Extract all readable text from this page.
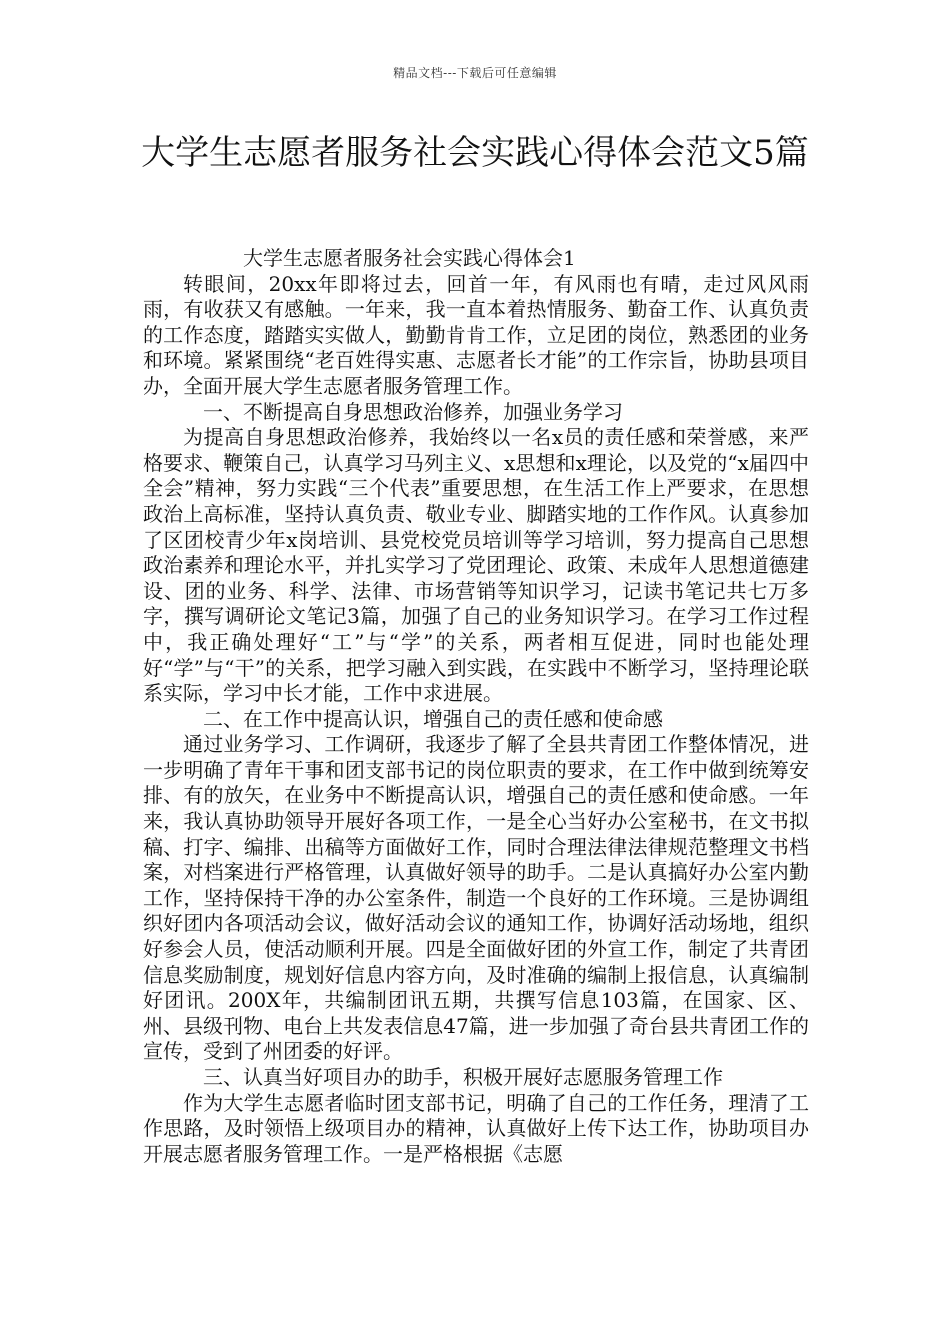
精品文档---下载后可任意编辑
大学生志愿者服务社会实践心得体会范文5篇

大学生志愿者服务社会实践心得体会1

转眼间，20xx年即将过去，回首一年，有风雨也有晴，走过风风雨雨，有收获又有感触。一年来，我一直本着热情服务、勤奋工作、认真负责的工作态度，踏踏实实做人，勤勤肯肯工作，立足团的岗位，熟悉团的业务和环境。紧紧围绕“老百姓得实惠、志愿者长才能”的工作宗旨，协助县项目办，全面开展大学生志愿者服务管理工作。

一、不断提高自身思想政治修养，加强业务学习

为提高自身思想政治修养，我始终以一名x员的责任感和荣誉感，来严格要求、鞭策自己，认真学习马列主义、x思想和x理论，以及党的“x届四中全会”精神，努力实践“三个代表”重要思想，在生活工作上严要求，在思想政治上高标准，坚持认真负责、敬业专业、脚踏实地的工作作风。认真参加了区团校青少年x岗培训、县党校党员培训等学习培训，努力提高自己思想政治素养和理论水平，并扎实学习了党团理论、政策、未成年人思想道德建设、团的业务、科学、法律、市场营销等知识学习，记读书笔记共七万多字，撰写调研论文笔记3篇，加强了自己的业务知识学习。在学习工作过程中，我正确处理好“工”与“学”的关系，两者相互促进，同时也能处理好“学”与“干”的关系，把学习融入到实践，在实践中不断学习，坚持理论联系实际，学习中长才能，工作中求进展。

二、在工作中提高认识，增强自己的责任感和使命感

通过业务学习、工作调研，我逐步了解了全县共青团工作整体情况，进一步明确了青年干事和团支部书记的岗位职责的要求，在工作中做到统筹安排、有的放矢，在业务中不断提高认识，增强自己的责任感和使命感。一年来，我认真协助领导开展好各项工作，一是全心当好办公室秘书，在文书拟稿、打字、编排、出稿等方面做好工作，同时合理法律法律规范整理文书档案，对档案进行严格管理，认真做好领导的助手。二是认真搞好办公室内勤工作，坚持保持干净的办公室条件，制造一个良好的工作环境。三是协调组织好团内各项活动会议，做好活动会议的通知工作，协调好活动场地，组织好参会人员，使活动顺利开展。四是全面做好团的外宣工作，制定了共青团信息奖励制度，规划好信息内容方向，及时准确的编制上报信息，认真编制好团讯。200X年，共编制团讯五期，共撰写信息103篇，在国家、区、州、县级刊物、电台上共发表信息47篇，进一步加强了奇台县共青团工作的宣传，受到了州团委的好评。

三、认真当好项目办的助手，积极开展好志愿服务管理工作

作为大学生志愿者临时团支部书记，明确了自己的工作任务，理清了工作思路，及时领悟上级项目办的精神，认真做好上传下达工作，协助项目办开展志愿者服务管理工作。一是严格根据《志愿
